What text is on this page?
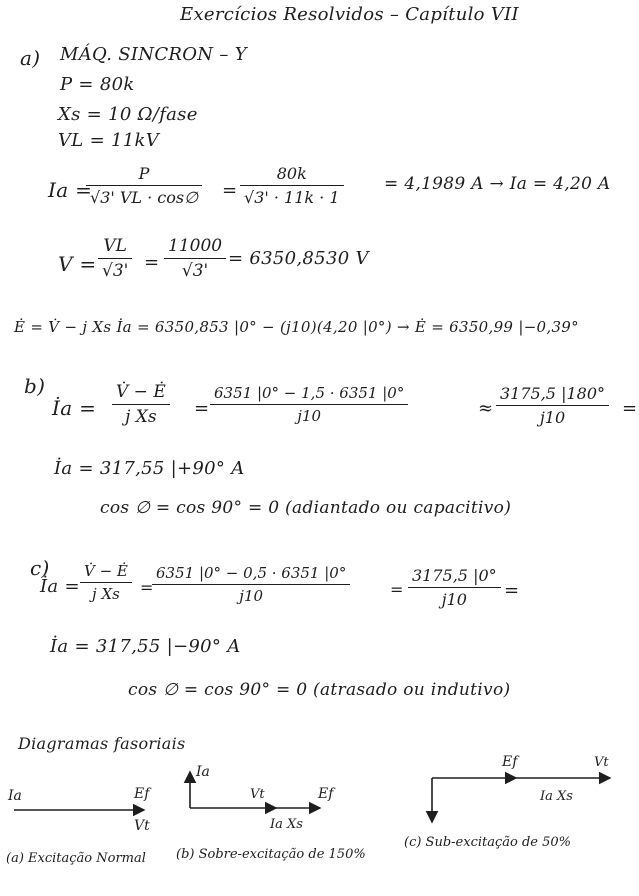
Exercícios Resolvidos – Capítulo VII
a) MÁQ. SINCRON – Y
P = 80k
Xs = 10 Ω/fase
VL = 11kV
Ia =
P
√3' VL · cos∅ =
80k
√3' · 11k · 1
= 4,1989 A → Ia = 4,20 A
V =
VL
√3' =
11000
√3'
= 6350,8530 V
Ė = V̇ − j Xs İa = 6350,853 |0° − (j10)(4,20 |0°) → Ė = 6350,99 |−0,39°
b)
İa =
V̇ − Ė
j Xs =
6351 |0° − 1,5 · 6351 |0°
j10	≈
3175,5 |180°
j10	=
İa = 317,55 |+90° A
cos ∅ = cos 90° = 0 (adiantado ou capacitivo)
c)
İa =
V̇ − Ė
j Xs =
6351 |0° − 0,5 · 6351 |0°
j10	=
3175,5 |0°
j10 =
İa = 317,55 |−90° A
cos ∅ = cos 90° = 0 (atrasado ou indutivo)
Diagramas fasoriais
Ia	Ef
Vt
(a) Excitação Normal
Ia
Vt	Ef
Ia Xs
(b) Sobre-excitação de 150%
Ef	Vt
Ia Xs
(c) Sub-excitação de 50%
